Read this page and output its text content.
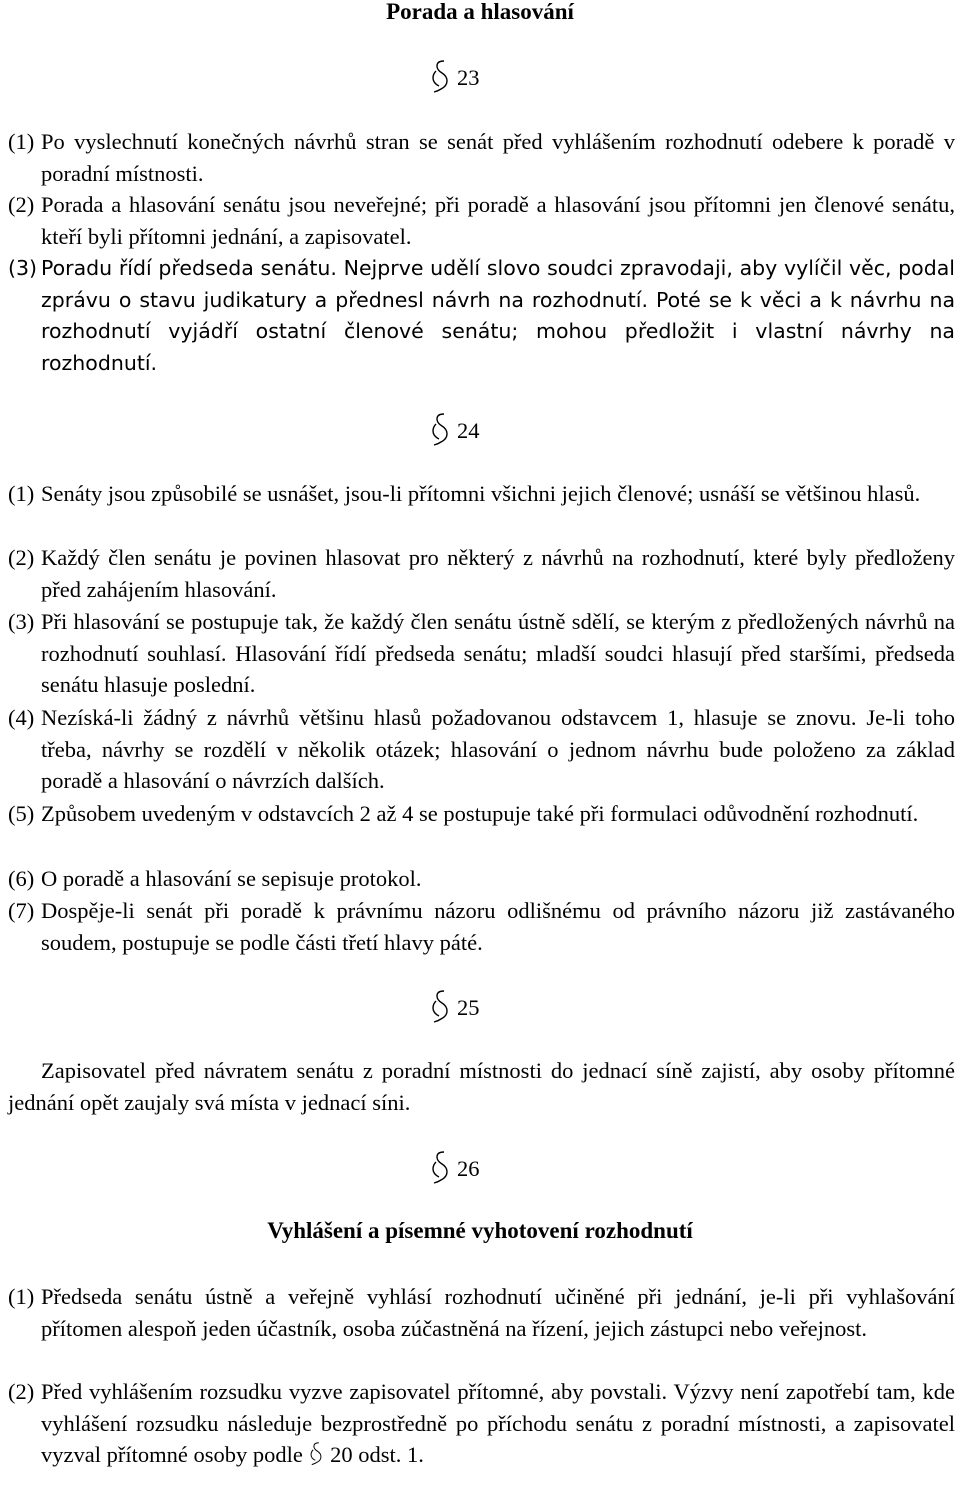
Porada a hlasování
23
(1) Po vyslechnutí konečných návrhů stran se senát před vyhlášením rozhodnutí odebere k poradě v poradní místnosti.
(2) Porada a hlasování senátu jsou neveřejné; při poradě a hlasování jsou přítomni jen členové senátu, kteří byli přítomni jednání, a zapisovatel.
(3) Poradu řídí předseda senátu. Nejprve udělí slovo soudci zpravodaji, aby vylíčil věc, podal zprávu o stavu judikatury a přednesl návrh na rozhodnutí. Poté se k věci a k návrhu na rozhodnutí vyjádří ostatní členové senátu; mohou předložit i vlastní návrhy na rozhodnutí.
24
(1) Senáty jsou způsobilé se usnášet, jsou-li přítomni všichni jejich členové; usnáší se většinou hlasů.
(2) Každý člen senátu je povinen hlasovat pro některý z návrhů na rozhodnutí, které byly předloženy před zahájením hlasování.
(3) Při hlasování se postupuje tak, že každý člen senátu ústně sdělí, se kterým z předložených návrhů na rozhodnutí souhlasí. Hlasování řídí předseda senátu; mladší soudci hlasují před staršími, předseda senátu hlasuje poslední.
(4) Nezíská-li žádný z návrhů většinu hlasů požadovanou odstavcem 1, hlasuje se znovu. Je-li toho třeba, návrhy se rozdělí v několik otázek; hlasování o jednom návrhu bude položeno za základ poradě a hlasování o návrzích dalších.
(5) Způsobem uvedeným v odstavcích 2 až 4 se postupuje také při formulaci odůvodnění rozhodnutí.
(6) O poradě a hlasování se sepisuje protokol.
(7) Dospěje-li senát při poradě k právnímu názoru odlišnému od právního názoru již zastávaného soudem, postupuje se podle části třetí hlavy páté.
25

Zapisovatel před návratem senátu z poradní místnosti do jednací síně zajistí, aby osoby přítomné jednání opět zaujaly svá místa v jednací síni.

26
Vyhlášení a písemné vyhotovení rozhodnutí
(1) Předseda senátu ústně a veřejně vyhlásí rozhodnutí učiněné při jednání, je-li při vyhlašování přítomen alespoň jeden účastník, osoba zúčastněná na řízení, jejich zástupci nebo veřejnost.
(2) Před vyhlášením rozsudku vyzve zapisovatel přítomné, aby povstali. Výzvy není zapotřebí tam, kde vyhlášení rozsudku následuje bezprostředně po příchodu senátu z poradní místnosti, a zapisovatel vyzval přítomné osoby podle 20 odst. 1.
